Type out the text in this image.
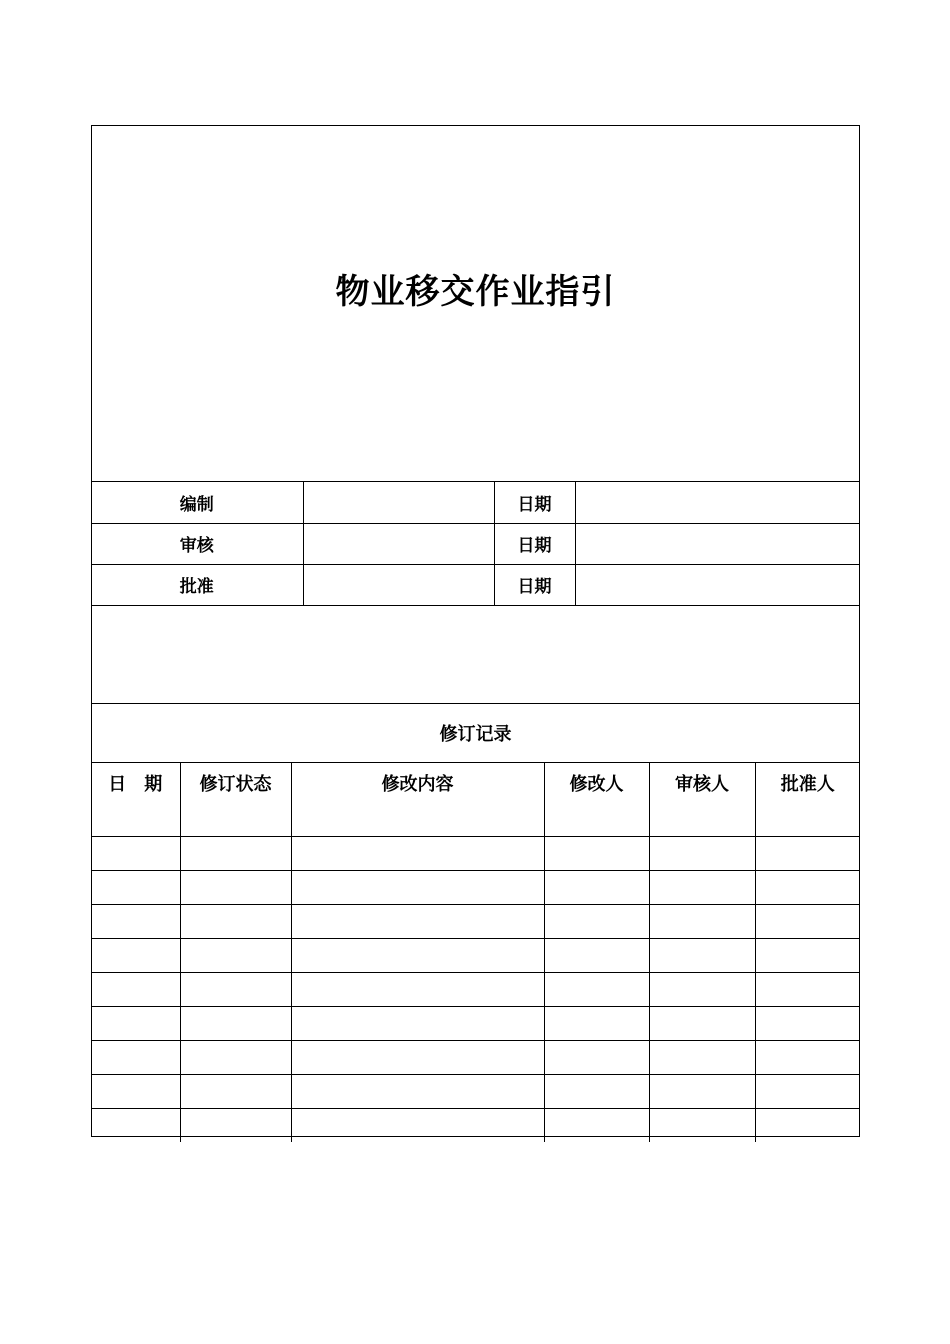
物业移交作业指引
编制		日期	
审核		日期	
批准		日期	
修订记录
日　期	修订状态	修改内容	修改人	审核人	批准人
